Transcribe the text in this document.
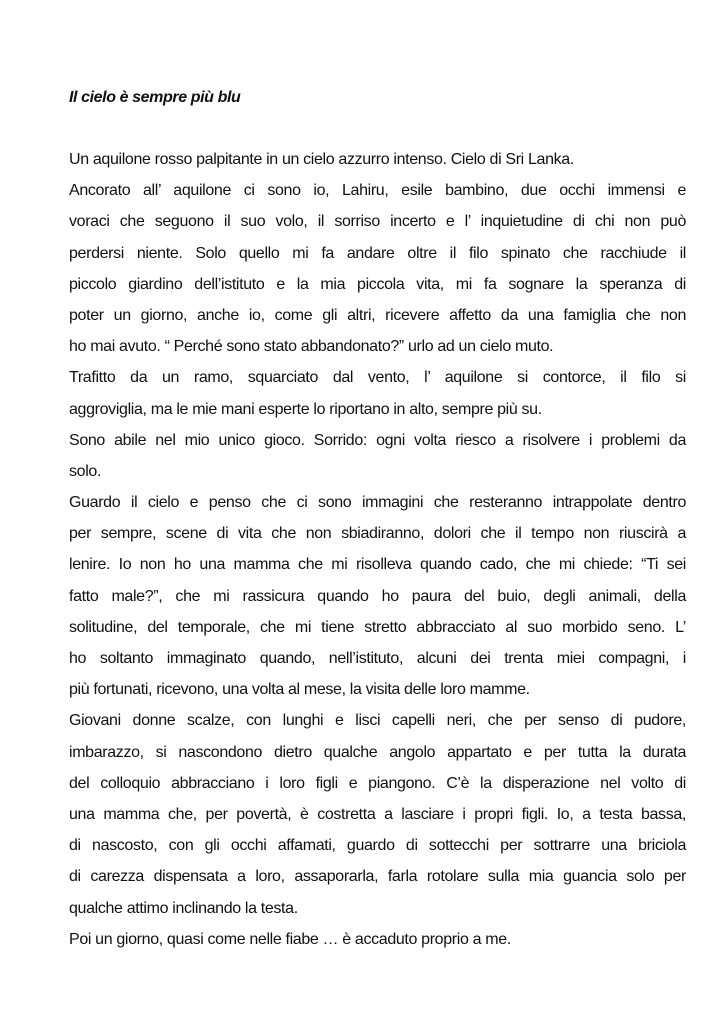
Il cielo è sempre più blu
Un aquilone rosso palpitante in un cielo azzurro intenso. Cielo di Sri Lanka.
Ancorato all’ aquilone ci sono io, Lahiru, esile bambino, due occhi immensi e
voraci che seguono il suo volo, il sorriso incerto e l’ inquietudine di chi non può
perdersi niente. Solo quello mi fa andare oltre il filo spinato che racchiude il
piccolo giardino dell’istituto e la mia piccola vita, mi fa sognare la speranza di
poter un giorno, anche io, come gli altri, ricevere affetto da una famiglia che non
ho mai avuto. “ Perché sono stato abbandonato?” urlo ad un cielo muto.
Trafitto da un ramo, squarciato dal vento, l’ aquilone si contorce, il filo si
aggroviglia, ma le mie mani esperte lo riportano in alto, sempre più su.
Sono abile nel mio unico gioco. Sorrido: ogni volta riesco a risolvere i problemi da
solo.
Guardo il cielo e penso che ci sono immagini che resteranno intrappolate dentro
per sempre, scene di vita che non sbiadiranno, dolori che il tempo non riuscirà a
lenire. Io non ho una mamma che mi risolleva quando cado, che mi chiede: “Ti sei
fatto male?”, che mi rassicura quando ho paura del buio, degli animali, della
solitudine, del temporale, che mi tiene stretto abbracciato al suo morbido seno. L’
ho soltanto immaginato quando, nell’istituto, alcuni dei trenta miei compagni, i
più fortunati, ricevono, una volta al mese, la visita delle loro mamme.
Giovani donne scalze, con lunghi e lisci capelli neri, che per senso di pudore,
imbarazzo, si nascondono dietro qualche angolo appartato e per tutta la durata
del colloquio abbracciano i loro figli e piangono. C’è la disperazione nel volto di
una mamma che, per povertà, è costretta a lasciare i propri figli. Io, a testa bassa,
di nascosto, con gli occhi affamati, guardo di sottecchi per sottrarre una briciola
di carezza dispensata a loro, assaporarla, farla rotolare sulla mia guancia solo per
qualche attimo inclinando la testa.
Poi un giorno, quasi come nelle fiabe … è accaduto proprio a me.
